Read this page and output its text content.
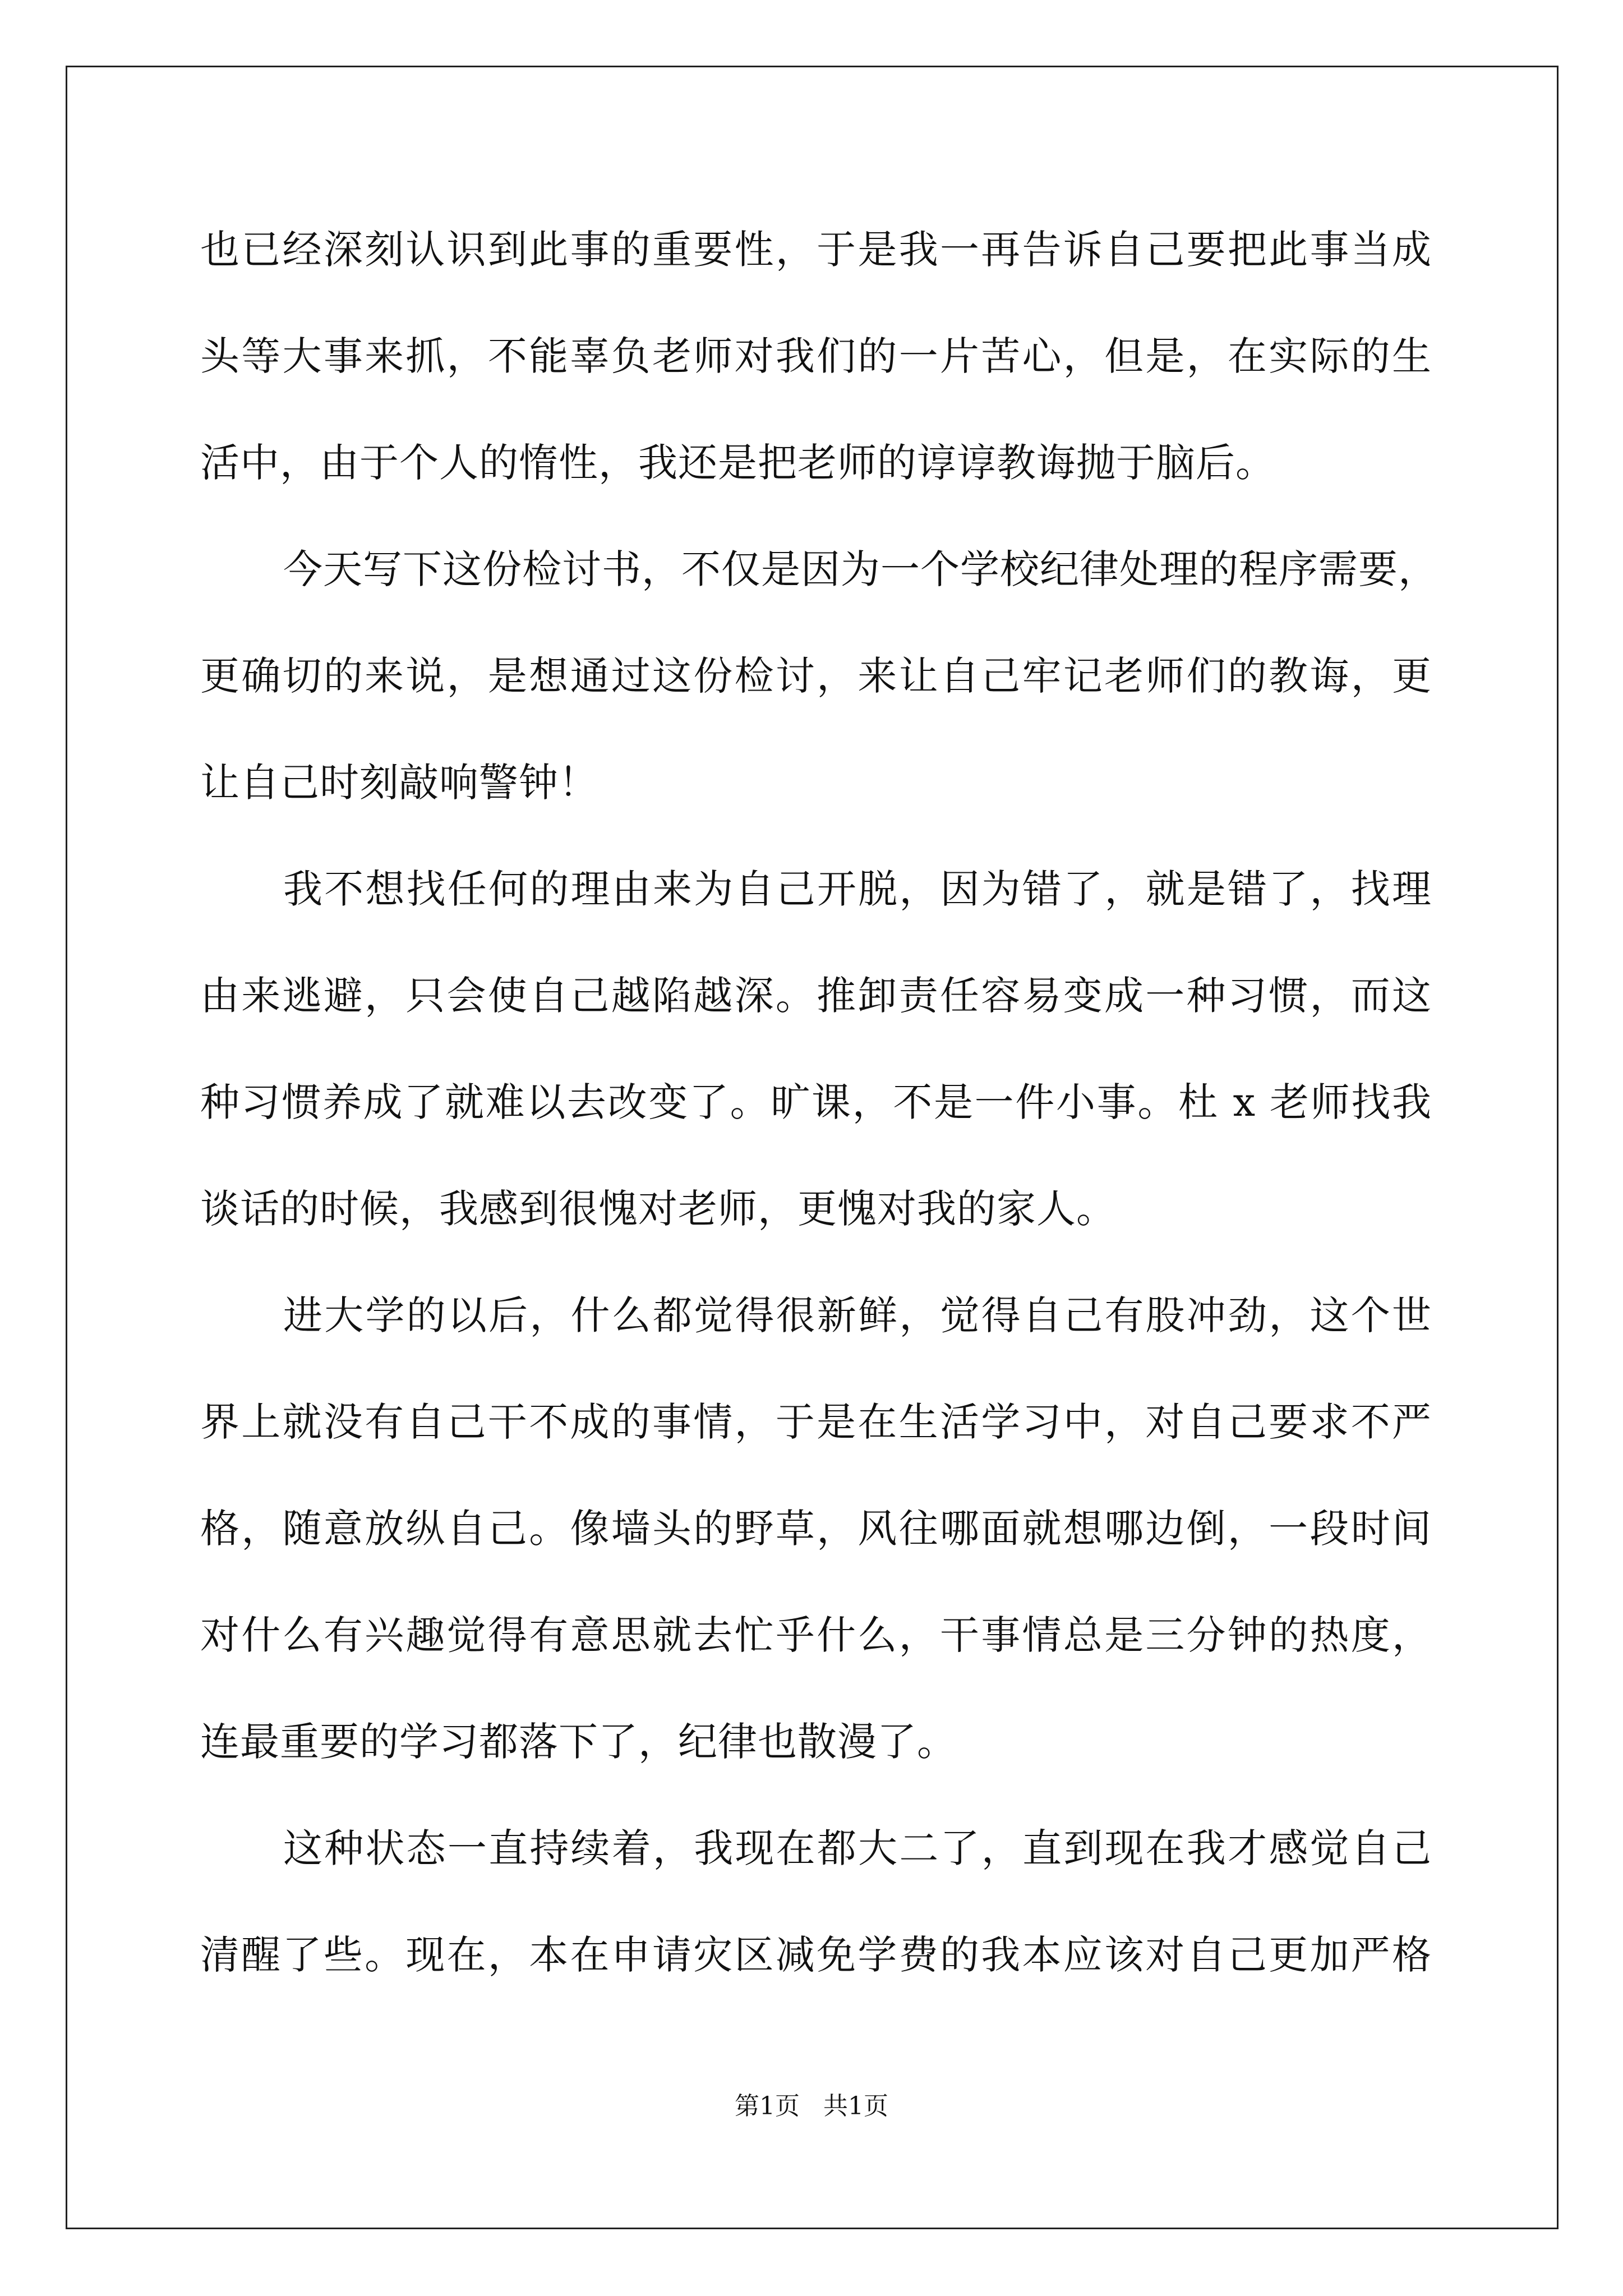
也已经深刻认识到此事的重要性，于是我一再告诉自己要把此事当成
头等大事来抓，不能辜负老师对我们的一片苦心，但是，在实际的生
活中，由于个人的惰性，我还是把老师的谆谆教诲抛于脑后。
今天写下这份检讨书，不仅是因为一个学校纪律处理的程序需要，
更确切的来说，是想通过这份检讨，来让自己牢记老师们的教诲，更
让自己时刻敲响警钟！
我不想找任何的理由来为自己开脱，因为错了，就是错了，找理
由来逃避，只会使自己越陷越深。推卸责任容易变成一种习惯，而这
种习惯养成了就难以去改变了。旷课，不是一件小事。杜 x 老师找我
谈话的时候，我感到很愧对老师，更愧对我的家人。
进大学的以后，什么都觉得很新鲜，觉得自己有股冲劲，这个世
界上就没有自己干不成的事情，于是在生活学习中，对自己要求不严
格，随意放纵自己。像墙头的野草，风往哪面就想哪边倒，一段时间
对什么有兴趣觉得有意思就去忙乎什么，干事情总是三分钟的热度，
连最重要的学习都落下了，纪律也散漫了。
这种状态一直持续着，我现在都大二了，直到现在我才感觉自己
清醒了些。现在，本在申请灾区减免学费的我本应该对自己更加严格
第1页   共1页
